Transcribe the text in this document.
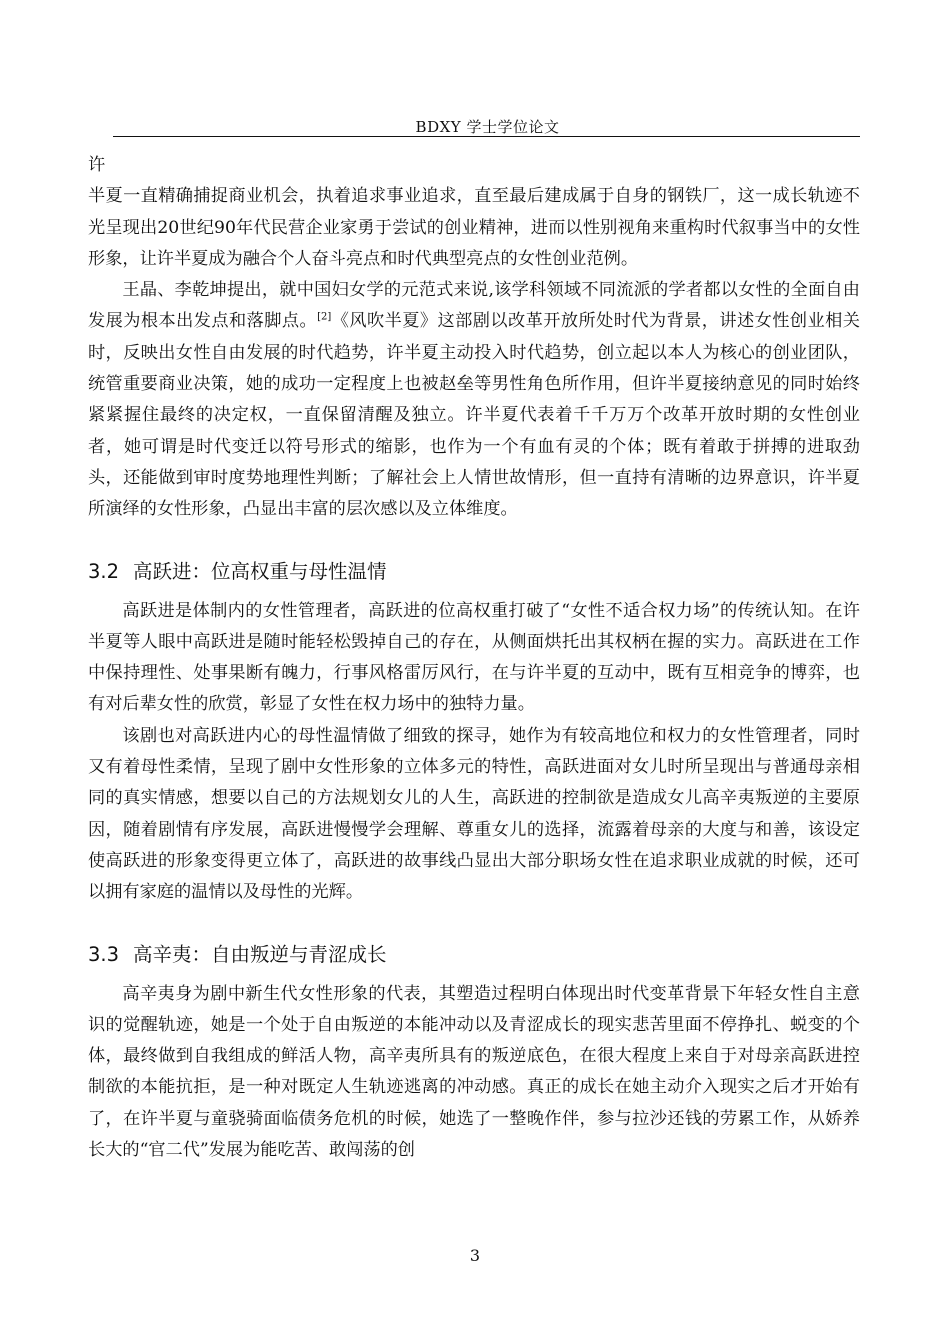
BDXY 学士学位论文

许

半夏一直精确捕捉商业机会，执着追求事业追求，直至最后建成属于自身的钢铁厂，这一成长轨迹不光呈现出20世纪90年代民营企业家勇于尝试的创业精神，进而以性别视角来重构时代叙事当中的女性形象，让许半夏成为融合个人奋斗亮点和时代典型亮点的女性创业范例。

王晶、李乾坤提出，就中国妇女学的元范式来说,该学科领域不同流派的学者都以女性的全面自由发展为根本出发点和落脚点。[2]《风吹半夏》这部剧以改革开放所处时代为背景，讲述女性创业相关时，反映出女性自由发展的时代趋势，许半夏主动投入时代趋势，创立起以本人为核心的创业团队，统管重要商业决策，她的成功一定程度上也被赵垒等男性角色所作用，但许半夏接纳意见的同时始终紧紧握住最终的决定权，一直保留清醒及独立。许半夏代表着千千万万个改革开放时期的女性创业者，她可谓是时代变迁以符号形式的缩影，也作为一个有血有灵的个体；既有着敢于拼搏的进取劲头，还能做到审时度势地理性判断；了解社会上人情世故情形，但一直持有清晰的边界意识，许半夏所演绎的女性形象，凸显出丰富的层次感以及立体维度。

3.2 高跃进：位高权重与母性温情

高跃进是体制内的女性管理者，高跃进的位高权重打破了“女性不适合权力场”的传统认知。在许半夏等人眼中高跃进是随时能轻松毁掉自己的存在，从侧面烘托出其权柄在握的实力。高跃进在工作中保持理性、处事果断有魄力，行事风格雷厉风行，在与许半夏的互动中，既有互相竞争的博弈，也有对后辈女性的欣赏，彰显了女性在权力场中的独特力量。

该剧也对高跃进内心的母性温情做了细致的探寻，她作为有较高地位和权力的女性管理者，同时又有着母性柔情，呈现了剧中女性形象的立体多元的特性，高跃进面对女儿时所呈现出与普通母亲相同的真实情感，想要以自己的方法规划女儿的人生，高跃进的控制欲是造成女儿高辛夷叛逆的主要原因，随着剧情有序发展，高跃进慢慢学会理解、尊重女儿的选择，流露着母亲的大度与和善，该设定使高跃进的形象变得更立体了，高跃进的故事线凸显出大部分职场女性在追求职业成就的时候，还可以拥有家庭的温情以及母性的光辉。

3.3 高辛夷：自由叛逆与青涩成长

高辛夷身为剧中新生代女性形象的代表，其塑造过程明白体现出时代变革背景下年轻女性自主意识的觉醒轨迹，她是一个处于自由叛逆的本能冲动以及青涩成长的现实悲苦里面不停挣扎、蜕变的个体，最终做到自我组成的鲜活人物，高辛夷所具有的叛逆底色，在很大程度上来自于对母亲高跃进控制欲的本能抗拒，是一种对既定人生轨迹逃离的冲动感。真正的成长在她主动介入现实之后才开始有了，在许半夏与童骁骑面临债务危机的时候，她选了一整晚作伴，参与拉沙还钱的劳累工作，从娇养长大的“官二代”发展为能吃苦、敢闯荡的创

3
